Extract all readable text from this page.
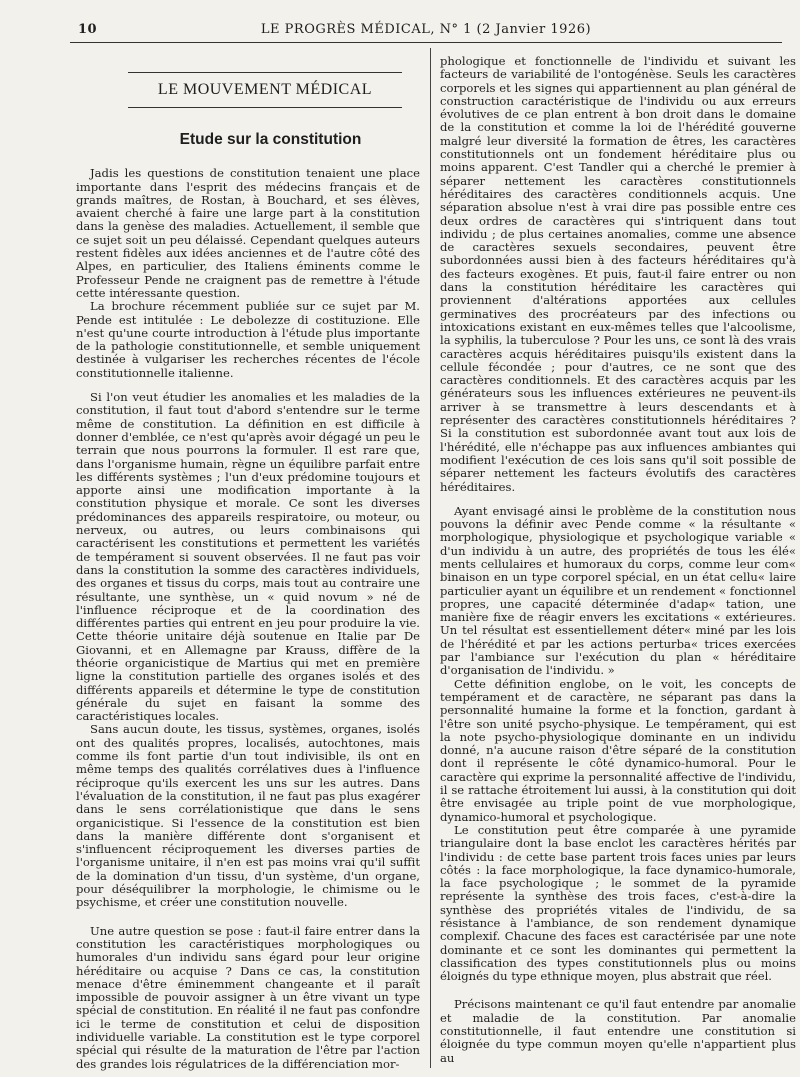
10	LE PROGRÈS MÉDICAL, N° 1 (2 Janvier 1926)
LE MOUVEMENT MÉDICAL
Etude sur la constitution

Jadis les questions de constitution tenaient une place importante dans l'esprit des médecins français et de grands maîtres, de Rostan, à Bouchard, et ses élèves, avaient cherché à faire une large part à la constitution dans la genèse des maladies. Actuellement, il semble que ce sujet soit un peu délaissé. Cependant quelques auteurs restent fidèles aux idées anciennes et de l'autre côté des Alpes, en particulier, des Italiens éminents comme le Professeur Pende ne craignent pas de remettre à l'étude cette intéressante question.

La brochure récemment publiée sur ce sujet par M. Pende est intitulée : Le debolezze di costituzione. Elle n'est qu'une courte introduction à l'étude plus importante de la pathologie constitutionnelle, et semble uniquement destinée à vulgariser les recherches récentes de l'école constitutionnelle italienne.

Si l'on veut étudier les anomalies et les maladies de la constitution, il faut tout d'abord s'entendre sur le terme même de constitution. La définition en est difficile à donner d'emblée, ce n'est qu'après avoir dégagé un peu le terrain que nous pourrons la formuler. Il est rare que, dans l'organisme humain, règne un équilibre parfait entre les différents systèmes ; l'un d'eux prédomine toujours et apporte ainsi une modification importante à la constitution physique et morale. Ce sont les diverses prédominances des appareils respiratoire, ou moteur, ou nerveux, ou autres, ou leurs combinaisons qui caractérisent les constitutions et permettent les variétés de tempérament si souvent observées. Il ne faut pas voir dans la constitution la somme des caractères individuels, des organes et tissus du corps, mais tout au contraire une résultante, une synthèse, un « quid novum » né de l'influence réciproque et de la coordination des différentes parties qui entrent en jeu pour produire la vie. Cette théorie unitaire déjà soutenue en Italie par De Giovanni, et en Allemagne par Krauss, diffère de la théorie organicistique de Martius qui met en première ligne la constitution partielle des organes isolés et des différents appareils et détermine le type de constitution générale du sujet en faisant la somme des caractéristiques locales.

Sans aucun doute, les tissus, systèmes, organes, isolés ont des qualités propres, localisés, autochtones, mais comme ils font partie d'un tout indivisible, ils ont en même temps des qualités corrélatives dues à l'influence réciproque qu'ils exercent les uns sur les autres. Dans l'évaluation de la constitution, il ne faut pas plus exagérer dans le sens corrélationistique que dans le sens organicistique. Si l'essence de la constitution est bien dans la manière différente dont s'organisent et s'influencent réciproquement les diverses parties de l'organisme unitaire, il n'en est pas moins vrai qu'il suffit de la domination d'un tissu, d'un système, d'un organe, pour déséquilibrer la morphologie, le chimisme ou le psychisme, et créer une constitution nouvelle.

Une autre question se pose : faut-il faire entrer dans la constitution les caractéristiques morphologiques ou humorales d'un individu sans égard pour leur origine héréditaire ou acquise ? Dans ce cas, la constitution menace d'être éminemment changeante et il paraît impossible de pouvoir assigner à un être vivant un type spécial de constitution. En réalité il ne faut pas confondre ici le terme de constitution et celui de disposition individuelle variable. La constitution est le type corporel spécial qui résulte de la maturation de l'être par l'action des grandes lois régulatrices de la différenciation mor-

phologique et fonctionnelle de l'individu et suivant les facteurs de variabilité de l'ontogénèse. Seuls les caractères corporels et les signes qui appartiennent au plan général de construction caractéristique de l'individu ou aux erreurs évolutives de ce plan entrent à bon droit dans le domaine de la constitution et comme la loi de l'hérédité gouverne malgré leur diversité la formation de êtres, les caractères constitutionnels ont un fondement héréditaire plus ou moins apparent. C'est Tandler qui a cherché le premier à séparer nettement les caractères constitutionnels héréditaires des caractères conditionnels acquis. Une séparation absolue n'est à vrai dire pas possible entre ces deux ordres de caractères qui s'intriquent dans tout individu ; de plus certaines anomalies, comme une absence de caractères sexuels secondaires, peuvent être subordonnées aussi bien à des facteurs héréditaires qu'à des facteurs exogènes. Et puis, faut-il faire entrer ou non dans la constitution héréditaire les caractères qui proviennent d'altérations apportées aux cellules germinatives des procréateurs par des infections ou intoxications existant en eux-mêmes telles que l'alcoolisme, la syphilis, la tuberculose ? Pour les uns, ce sont là des vrais caractères acquis héréditaires puisqu'ils existent dans la cellule fécondée ; pour d'autres, ce ne sont que des caractères conditionnels. Et des caractères acquis par les générateurs sous les influences extérieures ne peuvent-ils arriver à se transmettre à leurs descendants et à représenter des caractères constitutionnels héréditaires ? Si la constitution est subordonnée avant tout aux lois de l'hérédité, elle n'échappe pas aux influences ambiantes qui modifient l'exécution de ces lois sans qu'il soit possible de séparer nettement les facteurs évolutifs des caractères héréditaires.

Ayant envisagé ainsi le problème de la constitution nous pouvons la définir avec Pende comme « la résultante « morphologique, physiologique et psychologique variable « d'un individu à un autre, des propriétés de tous les élé« ments cellulaires et humoraux du corps, comme leur com« binaison en un type corporel spécial, en un état cellu« laire particulier ayant un équilibre et un rendement « fonctionnel propres, une capacité déterminée d'adap« tation, une manière fixe de réagir envers les excitations « extérieures. Un tel résultat est essentiellement déter« miné par les lois de l'hérédité et par les actions perturba« trices exercées par l'ambiance sur l'exécution du plan « héréditaire d'organisation de l'individu. »

Cette définition englobe, on le voit, les concepts de tempérament et de caractère, ne séparant pas dans la personnalité humaine la forme et la fonction, gardant à l'être son unité psycho-physique. Le tempérament, qui est la note psycho-physiologique dominante en un individu donné, n'a aucune raison d'être séparé de la constitution dont il représente le côté dynamico-humoral. Pour le caractère qui exprime la personnalité affective de l'individu, il se rattache étroitement lui aussi, à la constitution qui doit être envisagée au triple point de vue morphologique, dynamico-humoral et psychologique.

Le constitution peut être comparée à une pyramide triangulaire dont la base enclot les caractères hérités par l'individu : de cette base partent trois faces unies par leurs côtés : la face morphologique, la face dynamico-humorale, la face psychologique ; le sommet de la pyramide représente la synthèse des trois faces, c'est-à-dire la synthèse des propriétés vitales de l'individu, de sa résistance à l'ambiance, de son rendement dynamique complexif. Chacune des faces est caractérisée par une note dominante et ce sont les dominantes qui permettent la classification des types constitutionnels plus ou moins éloignés du type ethnique moyen, plus abstrait que réel.

Précisons maintenant ce qu'il faut entendre par anomalie et maladie de la constitution. Par anomalie constitutionnelle, il faut entendre une constitution si éloignée du type commun moyen qu'elle n'appartient plus au
